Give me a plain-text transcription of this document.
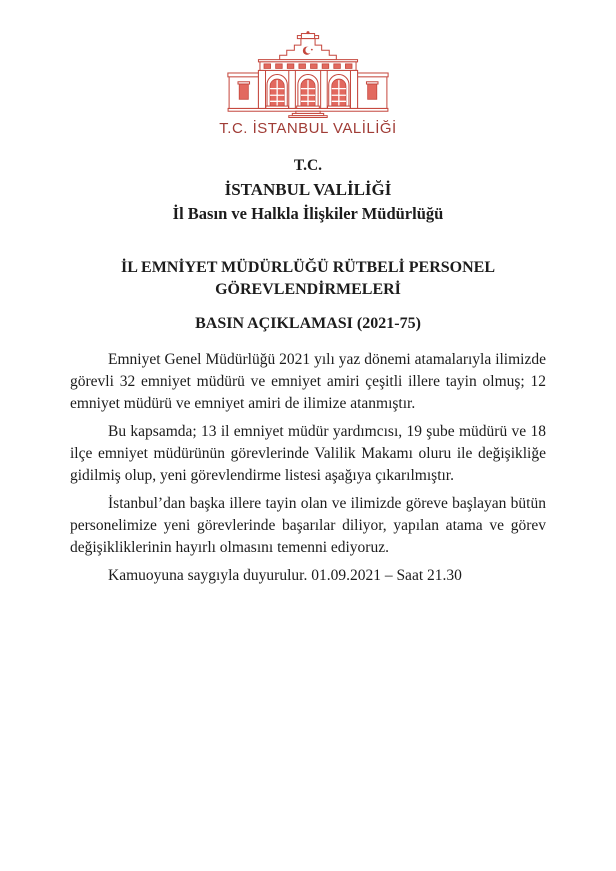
T.C. İSTANBUL VALİLİĞİ
T.C.
İSTANBUL VALİLİĞİ
İl Basın ve Halkla İlişkiler Müdürlüğü
İL EMNİYET MÜDÜRLÜĞÜ RÜTBELİ PERSONEL
GÖREVLENDİRMELERİ
BASIN AÇIKLAMASI (2021-75)

Emniyet Genel Müdürlüğü 2021 yılı yaz dönemi atamalarıyla ilimizde görevli 32 emniyet müdürü ve emniyet amiri çeşitli illere tayin olmuş; 12 emniyet müdürü ve emniyet amiri de ilimize atanmıştır.

Bu kapsamda; 13 il emniyet müdür yardımcısı, 19 şube müdürü ve 18 ilçe emniyet müdürünün görevlerinde Valilik Makamı oluru ile değişikliğe gidilmiş olup, yeni görevlendirme listesi aşağıya çıkarılmıştır.

İstanbul’dan başka illere tayin olan ve ilimizde göreve başlayan bütün personelimize yeni görevlerinde başarılar diliyor, yapılan atama ve görev değişikliklerinin hayırlı olmasını temenni ediyoruz.

Kamuoyuna saygıyla duyurulur. 01.09.2021 – Saat 21.30
